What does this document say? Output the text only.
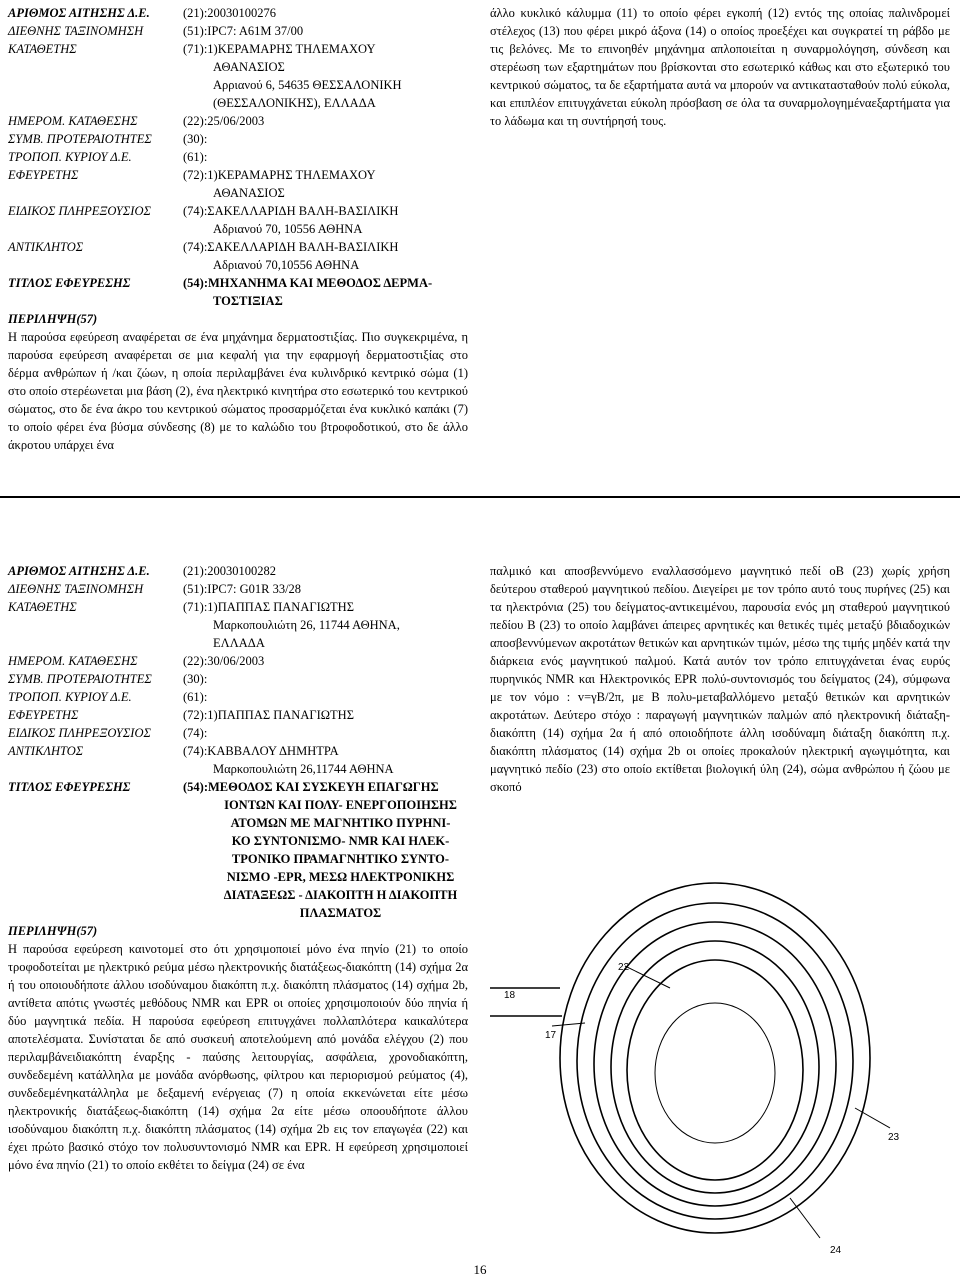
ΑΡΙΘΜΟΣ ΑΙΤΗΣΗΣ Δ.Ε.	(21):20030100276
ΔΙΕΘΝΗΣ ΤΑΞΙΝΟΜΗΣΗ	(51):IPC7: A61M 37/00
ΚΑΤΑΘΕΤΗΣ	(71):1)ΚΕΡΑΜΑΡΗΣ ΤΗΛΕΜΑΧΟΥ
ΑΘΑΝΑΣΙΟΣ
Αρριανού 6, 54635 ΘΕΣΣΑΛΟΝΙΚΗ
(ΘΕΣΣΑΛΟΝΙΚΗΣ), ΕΛΛΑΔΑ
ΗΜΕΡΟΜ. ΚΑΤΑΘΕΣΗΣ	(22):25/06/2003
ΣΥΜΒ. ΠΡΟΤΕΡΑΙΟΤΗΤΕΣ (30):
ΤΡΟΠΟΠ. ΚΥΡΙΟΥ Δ.Ε.	(61):
ΕΦΕΥΡΕΤΗΣ	(72):1)ΚΕΡΑΜΑΡΗΣ ΤΗΛΕΜΑΧΟΥ
ΑΘΑΝΑΣΙΟΣ
ΕΙΔΙΚΟΣ ΠΛΗΡΕΞΟΥΣΙΟΣ	(74):ΣΑΚΕΛΛΑΡΙΔΗ ΒΑΛΗ-ΒΑΣΙΛΙΚΗ
Αδριανού 70, 10556 ΑΘΗΝΑ
ΑΝΤΙΚΛΗΤΟΣ	(74):ΣΑΚΕΛΛΑΡΙΔΗ ΒΑΛΗ-ΒΑΣΙΛΙΚΗ
Αδριανού 70,10556 ΑΘΗΝΑ
ΤΙΤΛΟΣ ΕΦΕΥΡΕΣΗΣ	(54):ΜΗΧΑΝΗΜΑ ΚΑΙ ΜΕΘΟΔΟΣ ΔΕΡΜΑ-
ΤΟΣΤΙΞΙΑΣ
ΠΕΡΙΛΗΨΗ(57)

Η παρούσα εφεύρεση αναφέρεται σε ένα μηχάνημα δερματοστιξίας. Πιο συγκεκριμένα, η παρούσα εφεύρεση αναφέρεται σε μια κεφαλή για την εφαρμογή δερματοστιξίας στο δέρμα ανθρώπων ή /και ζώων, η οποία περιλαμβάνει ένα κυλινδρικό κεντρικό σώμα (1) στο οποίο στερέωνεται μια βάση (2), ένα ηλεκτρικό κινητήρα στο εσωτερικό του κεντρικού σώματος, στο δε ένα άκρο του κεντρικού σώματος προσαρμόζεται ένα κυκλικό καπάκι (7) το οποίο φέρει ένα βύσμα σύνδεσης (8) με το καλώδιο του βτροφοδοτικού, στο δε άλλο άκροτου υπάρχει ένα

άλλο κυκλικό κάλυμμα (11) το οποίο φέρει εγκοπή (12) εντός της οποίας παλινδρομεί στέλεχος (13) που φέρει μικρό άξονα (14) ο οποίος προεξέχει και συγκρατεί τη ράβδο με τις βελόνες. Με το επινοηθέν μηχάνημα απλοποιείται η συναρμολόγηση, σύνδεση και στερέωση των εξαρτημάτων που βρίσκονται στο εσωτερικό κάθως και στο εξωτερικό του κεντρικού σώματος, τα δε εξαρτήματα αυτά να μπορούν να αντικατασταθούν πολύ εύκολα, και επιπλέον επιτυγχάνεται εύκολη πρόσβαση σε όλα τα συναρμολογημέναεξαρτήματα για το λάδωμα και τη συντήρησή τους.

ΑΡΙΘΜΟΣ ΑΙΤΗΣΗΣ Δ.Ε.	(21):20030100282
ΔΙΕΘΝΗΣ ΤΑΞΙΝΟΜΗΣΗ	(51):IPC7: G01R 33/28
ΚΑΤΑΘΕΤΗΣ	(71):1)ΠΑΠΠΑΣ ΠΑΝΑΓΙΩΤΗΣ
Μαρκοπουλιώτη 26, 11744 ΑΘΗΝΑ,
ΕΛΛΑΔΑ
ΗΜΕΡΟΜ. ΚΑΤΑΘΕΣΗΣ	(22):30/06/2003
ΣΥΜΒ. ΠΡΟΤΕΡΑΙΟΤΗΤΕΣ (30):
ΤΡΟΠΟΠ. ΚΥΡΙΟΥ Δ.Ε.	(61):
ΕΦΕΥΡΕΤΗΣ	(72):1)ΠΑΠΠΑΣ ΠΑΝΑΓΙΩΤΗΣ
ΕΙΔΙΚΟΣ ΠΛΗΡΕΞΟΥΣΙΟΣ	(74):
ΑΝΤΙΚΛΗΤΟΣ	(74):ΚΑΒΒΑΛΟΥ ΔΗΜΗΤΡΑ
Μαρκοπουλιώτη 26,11744 ΑΘΗΝΑ
ΤΙΤΛΟΣ ΕΦΕΥΡΕΣΗΣ	(54):ΜΕΘΟΔΟΣ ΚΑΙ ΣΥΣΚΕΥΗ ΕΠΑΓΩΓΗΣ
ΙΟΝΤΩΝ ΚΑΙ ΠΟΛΥ- ΕΝΕΡΓΟΠΟΙΗΣΗΣ
ΑΤΟΜΩΝ ΜΕ ΜΑΓΝΗΤΙΚΟ ΠΥΡΗΝΙ-
ΚΟ ΣΥΝΤΟΝΙΣΜΟ- NMR ΚΑΙ ΗΛΕΚ-
ΤΡΟΝΙΚΟ ΠΡΑΜΑΓΝΗΤΙΚΟ ΣΥΝΤΟ-
ΝΙΣΜΟ -EPR, ΜΕΣΩ ΗΛΕΚΤΡΟΝΙΚΗΣ
ΔΙΑΤΑΞΕΩΣ - ΔΙΑΚΟΠΤΗ Η ΔΙΑΚΟΠΤΗ
ΠΛΑΣΜΑΤΟΣ
ΠΕΡΙΛΗΨΗ(57)

Η παρούσα εφεύρεση καινοτομεί στο ότι χρησιμοποιεί μόνο ένα πηνίο (21) το οποίο τροφοδοτείται με ηλεκτρικό ρεύμα μέσω ηλεκτρονικής διατάξεως-διακόπτη (14) σχήμα 2α ή του οποιουδήποτε άλλου ισοδύναμου διακόπτη π.χ. διακόπτη πλάσματος (14) σχήμα 2b, αντίθετα απότις γνωστές μεθόδους NMR και EPR οι οποίες χρησιμοποιούν δύο πηνία ή δύο μαγνητικά πεδία. Η παρούσα εφεύρεση επιτυγχάνει πολλαπλότερα καικαλύτερα αποτελέσματα. Συνίσταται δε από συσκευή αποτελούμενη από μονάδα ελέγχου (2) που περιλαμβάνειδιακόπτη έναρξης - παύσης λειτουργίας, ασφάλεια, χρονοδιακόπτη, συνδεδεμένη κατάλληλα με μονάδα ανόρθωσης, φίλτρου και περιορισμού ρεύματος (4), συνδεδεμένηκατάλληλα με δεξαμενή ενέργειας (7) η οποία εκκενώνεται είτε μέσω ηλεκτρονικής διατάξεως-διακόπτη (14) σχήμα 2α είτε μέσω οποουδήποτε άλλου ισοδύναμου διακόπτη π.χ. διακόπτη πλάσματος (14) σχήμα 2b εις τον επαγωγέα (22) και έχει πρώτο βασικό στόχο τον πολυσυντονισμό NMR και EPR. Η εφεύρεση χρησιμοποιεί μόνο ένα πηνίο (21) το οποίο εκθέτει το δείγμα (24) σε ένα

παλμικό και αποσβεννύμενο εναλλασσόμενο μαγνητικό πεδί οΒ (23) χωρίς χρήση δεύτερου σταθερού μαγνητικού πεδίου. Διεγείρει με τον τρόπο αυτό τους πυρήνες (25) και τα ηλεκτρόνια (25) του δείγματος-αντικειμένου, παρουσία ενός μη σταθερού μαγνητικού πεδίου Β (23) το οποίο λαμβάνει άπειρες αρνητικές και θετικές τιμές μεταξύ βδιαδοχικών αποσβεννύμενων ακροτάτων θετικών και αρνητικών τιμών, μέσω της τιμής μηδέν κατά την διάρκεια ενός μαγνητικού παλμού. Κατά αυτόν τον τρόπο επιτυγχάνεται ένας ευρύς πυρηνικός NMR και Ηλεκτρονικός EPR πολύ-συντονισμός του δείγματος (24), σύμφωνα με τον νόμο : v=γΒ/2π, με Β πολυ-μεταβαλλόμενο μεταξύ θετικών και αρνητικών ακροτάτων. Δεύτερο στόχο : παραγωγή μαγνητικών παλμών από ηλεκτρονική διάταξη-διακόπτη (14) σχήμα 2α ή από οποιοδήποτε άλλη ισοδύναμη διάταξη διακόπτη π.χ. διακόπτη πλάσματος (14) σχήμα 2b οι οποίες προκαλούν ηλεκτρική αγωγιμότητα, και μαγνητικό πεδίο (23) στο οποίο εκτίθεται βιολογική ύλη (24), σώμα ανθρώπου ή ζώου με σκοπό

22
18
17
23
24
16
